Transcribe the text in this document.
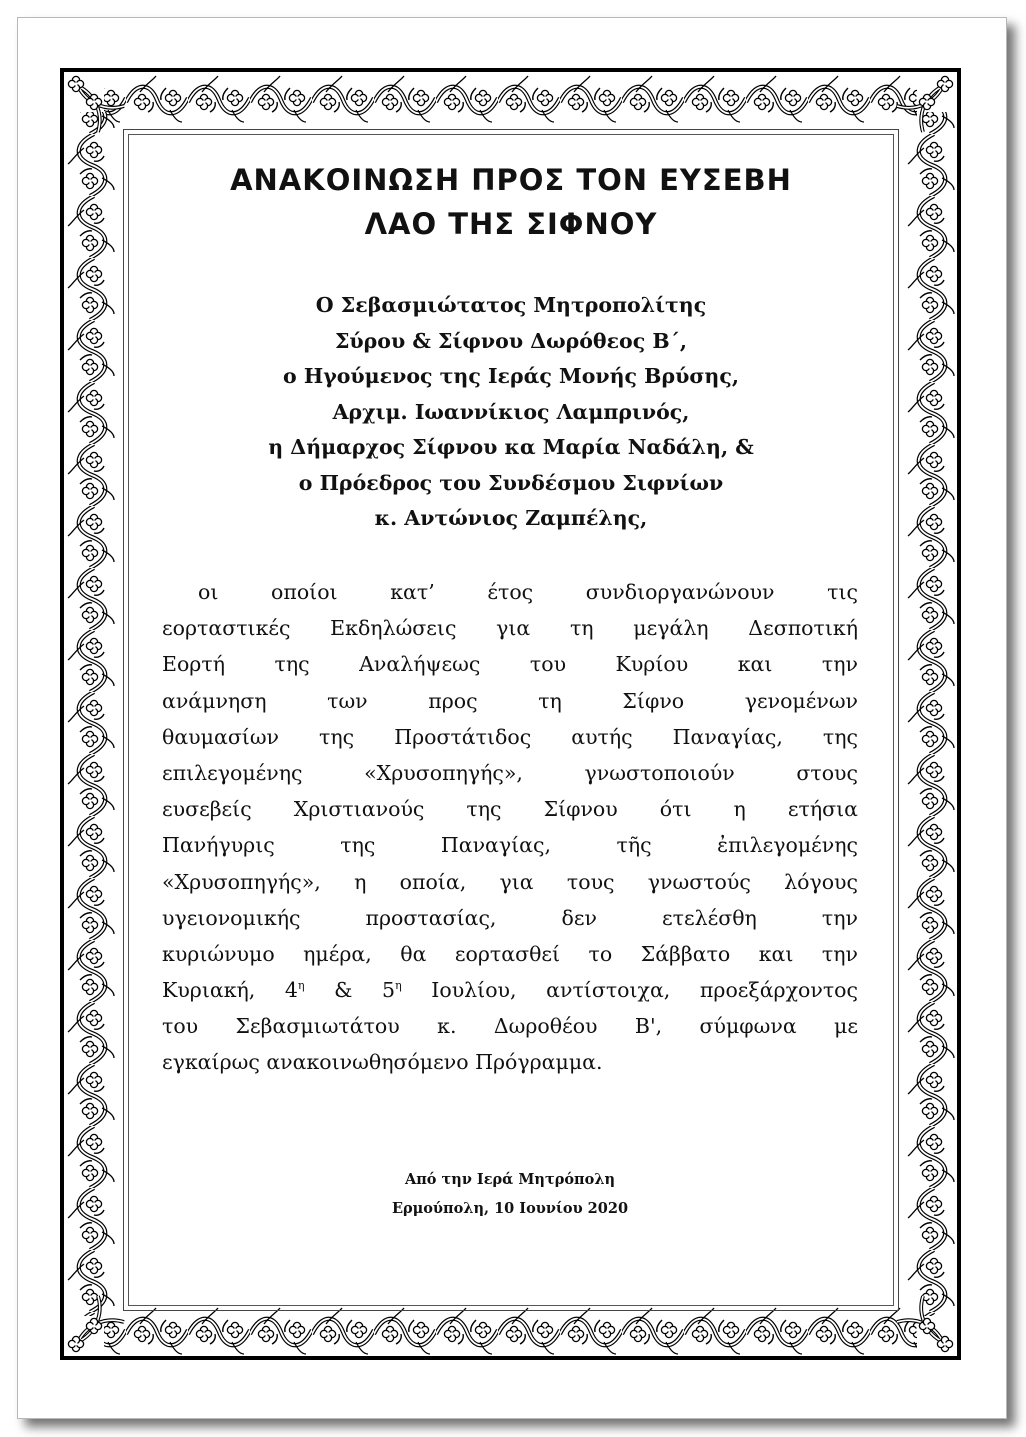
ΑΝΑΚΟΙΝΩΣΗ ΠΡΟΣ ΤΟΝ ΕΥΣΕΒΗ
ΛΑΟ ΤΗΣ ΣΙΦΝΟΥ
Ο Σεβασμιώτατος Μητροπολίτης
Σύρου & Σίφνου Δωρόθεος Β΄,
ο Ηγούμενος της Ιεράς Μονής Βρύσης,
Αρχιμ. Ιωαννίκιος Λαμπρινός,
η Δήμαρχος Σίφνου κα Μαρία Ναδάλη, &
ο Πρόεδρος του Συνδέσμου Σιφνίων
κ. Αντώνιος Ζαμπέλης,
οι οποίοι κατ’ έτος συνδιοργανώνουν τις
εορταστικές Εκδηλώσεις για τη μεγάλη Δεσποτική
Εορτή της Αναλήψεως του Κυρίου και την
ανάμνηση των προς τη Σίφνο γενομένων
θαυμασίων της Προστάτιδος αυτής Παναγίας, της
επιλεγομένης «Χρυσοπηγής», γνωστοποιούν στους
ευσεβείς Χριστιανούς της Σίφνου ότι η ετήσια
Πανήγυρις της Παναγίας, τῆς ἐπιλεγομένης
«Χρυσοπηγής», η οποία, για τους γνωστούς λόγους
υγειονομικής προστασίας, δεν ετελέσθη την
κυριώνυμο ημέρα, θα εορτασθεί το Σάββατο και την
Κυριακή, $4^\eta$ & $5^\eta$ Ιουλίου, αντίστοιχα, προεξάρχοντος
του Σεβασμιωτάτου κ. Δωροθέου Β', σύμφωνα με
εγκαίρως ανακοινωθησόμενο Πρόγραμμα.
Από την Ιερά Μητρόπολη
Ερμούπολη, 10 Ιουνίου 2020
